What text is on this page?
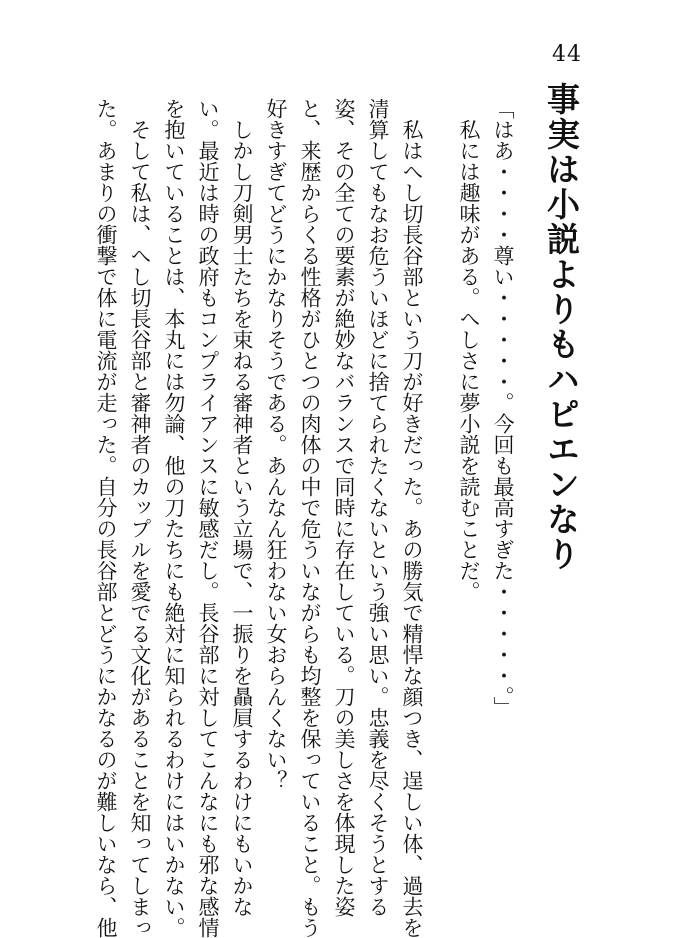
44
事実は小説よりもハピエンなり
「はあ・・・・尊い・・・・・。今回も最高すぎた・・・・・。」
　私には趣味がある。へしさに夢小説を読むことだ。
　私はへし切長谷部という刀が好きだった。あの勝気で精悍な顔つき、逞しい体、過去を
清算してもなお危ういほどに捨てられたくないという強い思い。忠義を尽くそうとする
姿、その全ての要素が絶妙なバランスで同時に存在している。刀の美しさを体現した姿
と、来歴からくる性格がひとつの肉体の中で危ういながらも均整を保っていること。もう
好きすぎてどうにかなりそうである。あんなん狂わない女おらんくない？
　しかし刀剣男士たちを束ねる審神者という立場で、一振りを贔屓するわけにもいかな
い。最近は時の政府もコンプライアンスに敏感だし。長谷部に対してこんなにも邪な感情
を抱いていることは、本丸には勿論、他の刀たちにも絶対に知られるわけにはいかない。
　そして私は、へし切長谷部と審神者のカップルを愛でる文化があることを知ってしまっ
た。あまりの衝撃で体に電流が走った。自分の長谷部とどうにかなるのが難しいなら、他
